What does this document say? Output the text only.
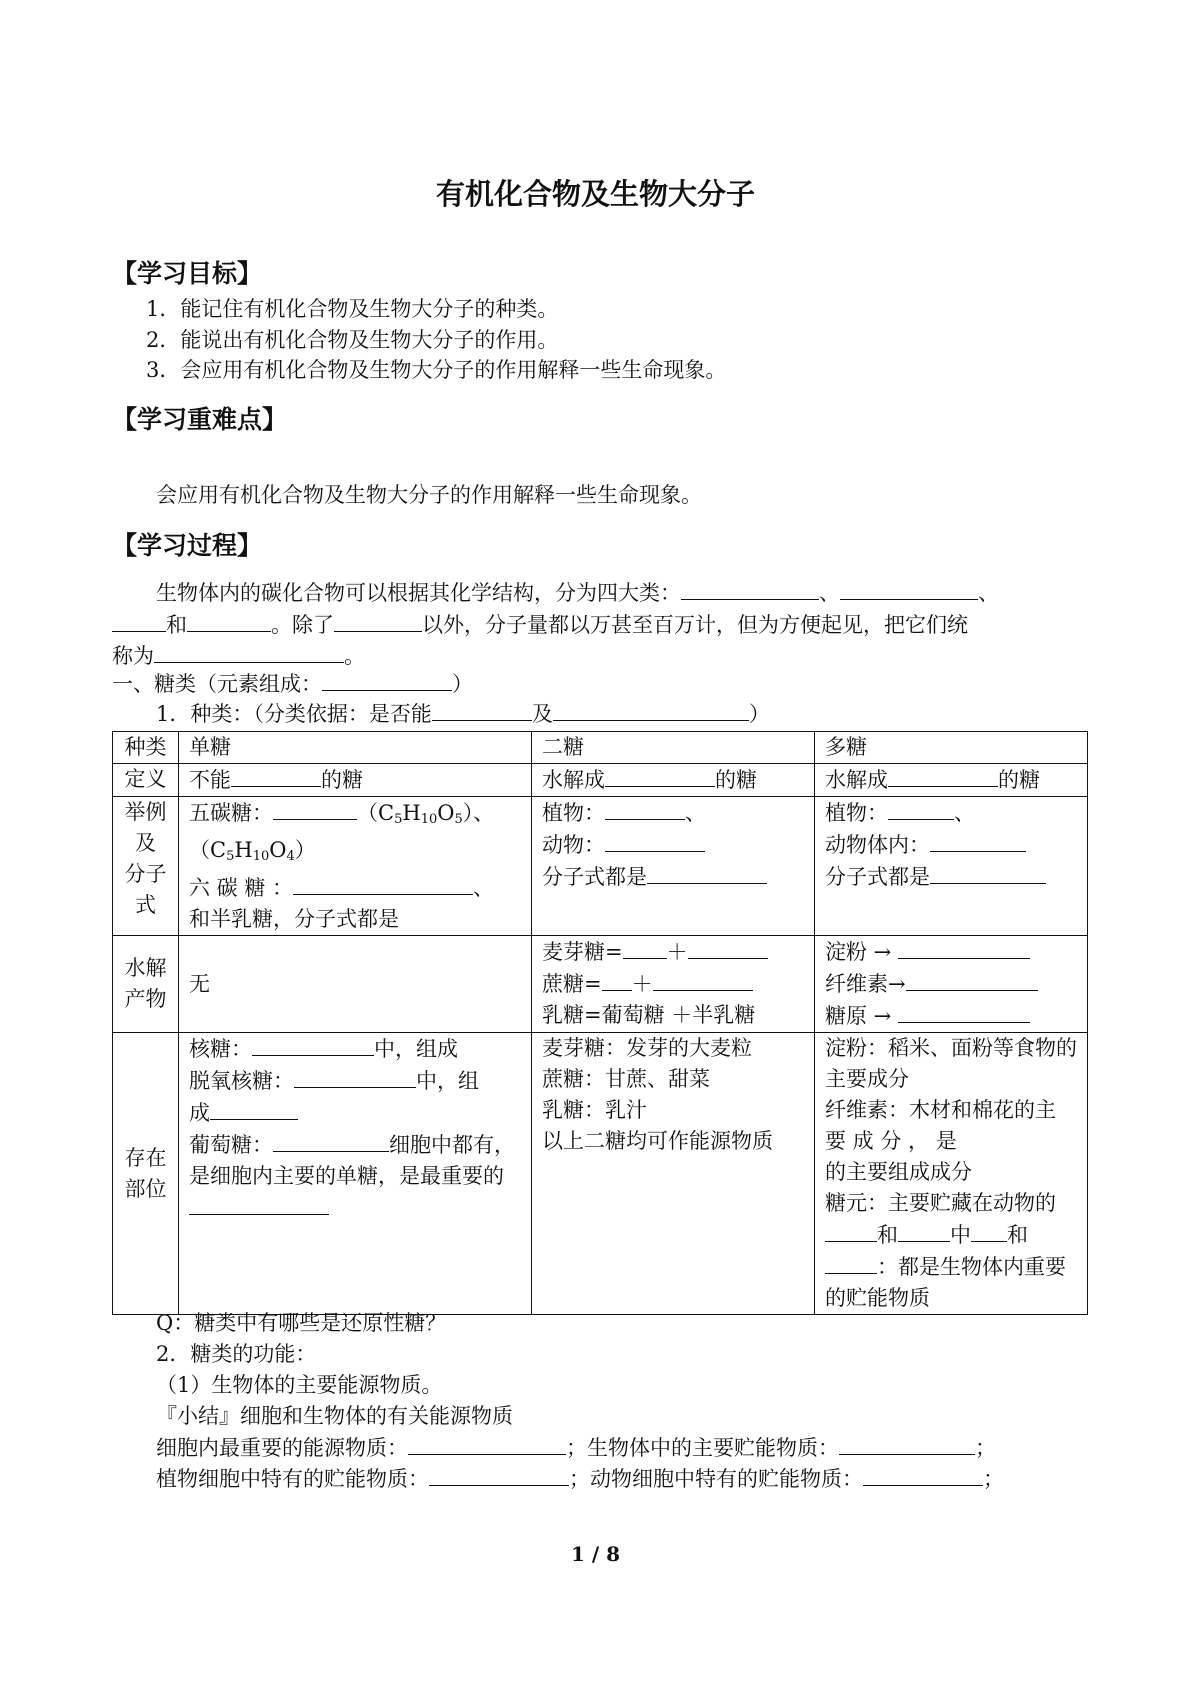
有机化合物及生物大分子
【学习目标】
1．能记住有机化合物及生物大分子的种类。
2．能说出有机化合物及生物大分子的作用。
3．会应用有机化合物及生物大分子的作用解释一些生命现象。
【学习重难点】
会应用有机化合物及生物大分子的作用解释一些生命现象。
【学习过程】
生物体内的碳化合物可以根据其化学结构，分为四大类：	、	、
和	。除了	以外，分子量都以万甚至百万计，但为方便起见，把它们统
称为	。
一、糖类（元素组成：	）
1．种类：（分类依据：是否能	及	）
种类	单糖	二糖	多糖
定义	不能 的糖	水解成 的糖	水解成 的糖

举例
及
分子
式	五碳糖： $(C_5H_{10}O_5)$、
$(C_5H_{10}O_4)$
六 碳 糖 ： 、
和半乳糖，分子式都是	植物： 、
动物：
分子式都是	植物： 、
动物体内：
分子式都是

水解
产物	无	麦芽糖= ＋
蔗糖= ＋
乳糖=葡萄糖 ＋半乳糖	淀粉 →
纤维素→
糖原 →

存在
部位	核糖： 中，组成
脱氧核糖： 中，组
成
葡萄糖： 细胞中都有，是细胞内主要的单糖，是最重要的	麦芽糖：发芽的大麦粒
蔗糖：甘蔗、甜菜
乳糖：乳汁
以上二糖均可作能源物质	淀粉：稻米、面粉等食物的主要成分
纤维素：木材和棉花的主 要 成 分 ， 是
的主要组成成分
糖元：主要贮藏在动物的和 中 和：都是生物体内重要的贮能物质
Q：糖类中有哪些是还原性糖？
2．糖类的功能：
（1）生物体的主要能源物质。
『小结』细胞和生物体的有关能源物质
细胞内最重要的能源物质：	；生物体中的主要贮能物质：	；
植物细胞中特有的贮能物质：	；动物细胞中特有的贮能物质：	；
1 / 8
